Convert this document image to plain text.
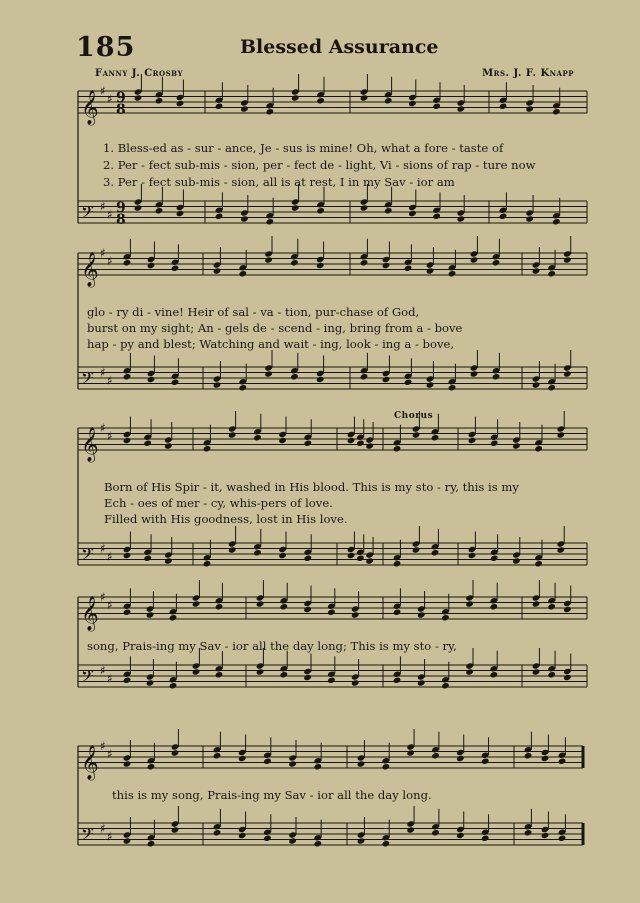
185	Blessed Assurance
Fanny J. Crosby	Mrs. J. F. Knapp
𝄞 ♯
♯ 9
8
𝄢 ♯
♯ 9
8
𝄞 ♯
♯
𝄢 ♯
♯
𝄞 ♯
♯
𝄢 ♯
♯
𝄞 ♯
♯
𝄢 ♯
♯
𝄞 ♯
♯
𝄢 ♯
♯
Chorus
1. Bless-ed as - sur - ance, Je - sus is mine! Oh, what a fore - taste of
2. Per - fect sub-mis - sion, per - fect de - light, Vi - sions of rap - ture now
3. Per - fect sub-mis - sion, all is at rest, I in my Sav - ior am
glo - ry di - vine! Heir of sal - va - tion, pur-chase of God,
burst on my sight; An - gels de - scend - ing, bring from a - bove
hap - py and blest; Watching and wait - ing, look - ing a - bove,
Born of His Spir - it, washed in His blood. This is my sto - ry, this is my
Ech - oes of mer - cy, whis-pers of love.
Filled with His goodness, lost in His love.
song, Prais-ing my Sav - ior all the day long; This is my sto - ry,
this is my song, Prais-ing my Sav - ior all the day long.
